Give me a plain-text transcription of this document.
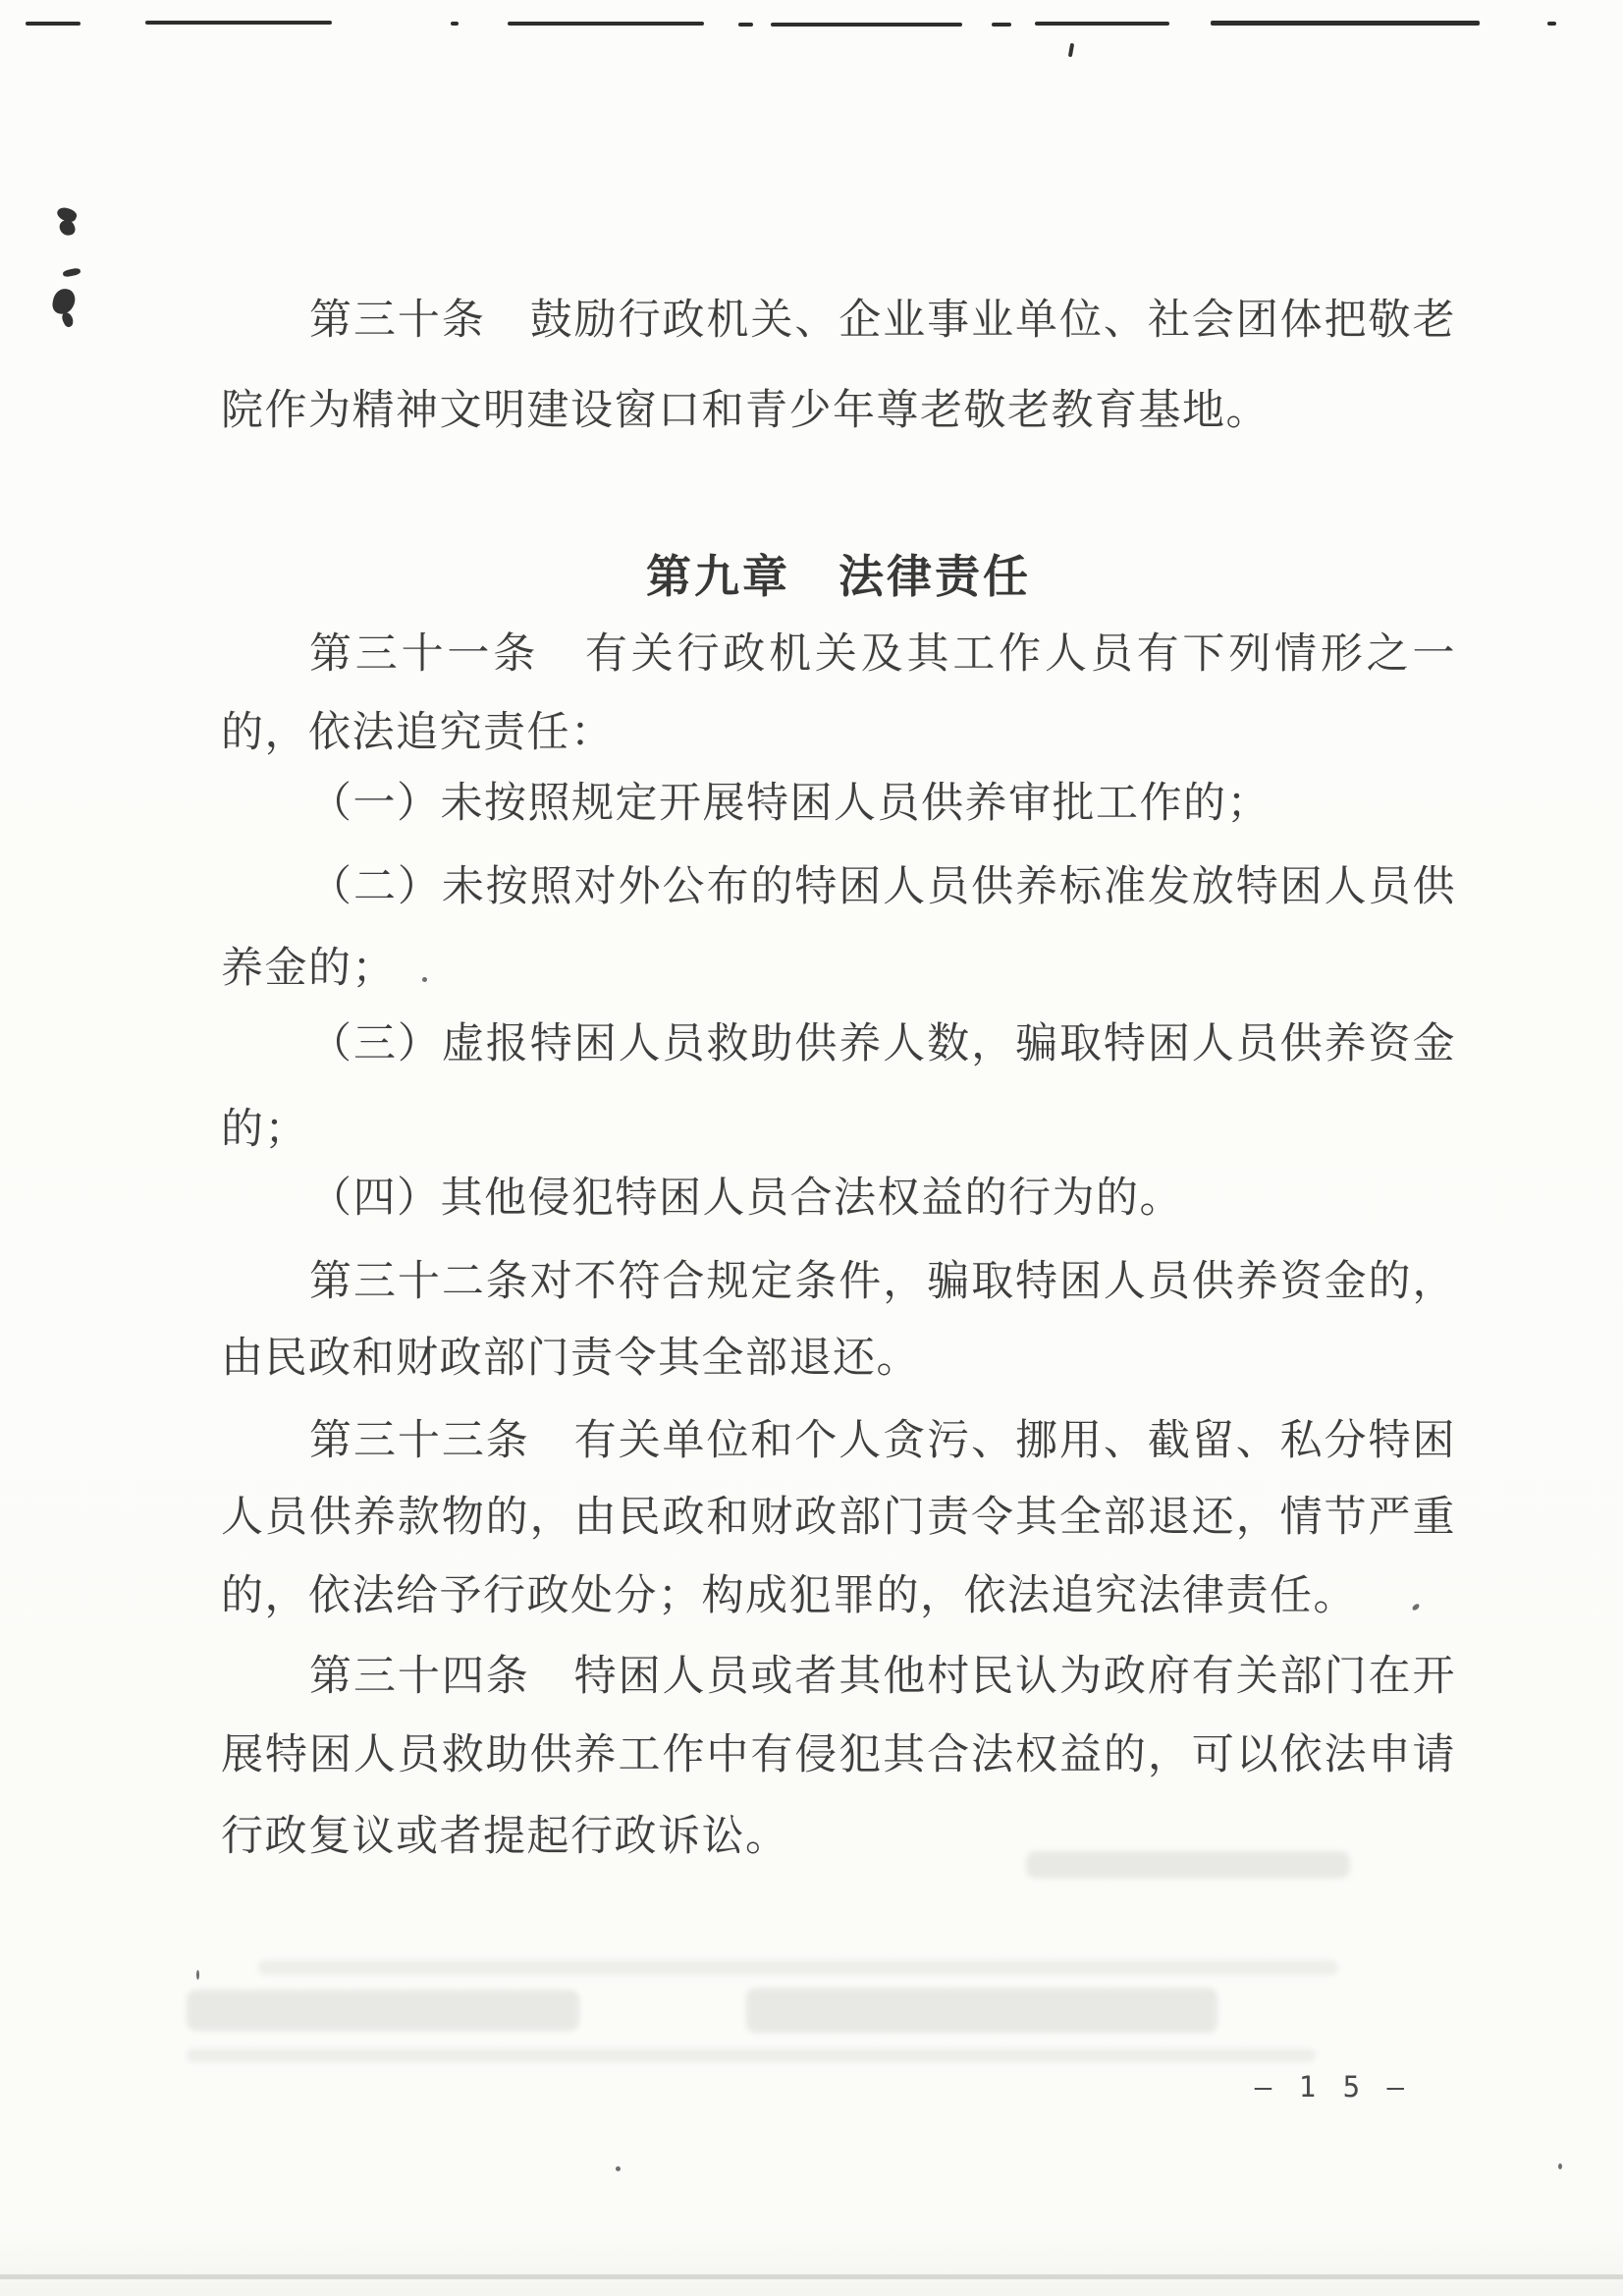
第三十条　鼓励行政机关、企业事业单位、社会团体把敬老
院作为精神文明建设窗口和青少年尊老敬老教育基地。
第九章　法律责任
第三十一条　有关行政机关及其工作人员有下列情形之一
的，依法追究责任：
（一）未按照规定开展特困人员供养审批工作的；
（二）未按照对外公布的特困人员供养标准发放特困人员供
养金的；
（三）虚报特困人员救助供养人数，骗取特困人员供养资金
的；
（四）其他侵犯特困人员合法权益的行为的。
第三十二条对不符合规定条件，骗取特困人员供养资金的，
由民政和财政部门责令其全部退还。
第三十三条　有关单位和个人贪污、挪用、截留、私分特困
人员供养款物的，由民政和财政部门责令其全部退还，情节严重
的，依法给予行政处分；构成犯罪的，依法追究法律责任。
第三十四条　特困人员或者其他村民认为政府有关部门在开
展特困人员救助供养工作中有侵犯其合法权益的，可以依法申请
行政复议或者提起行政诉讼。
— 1 5 —
